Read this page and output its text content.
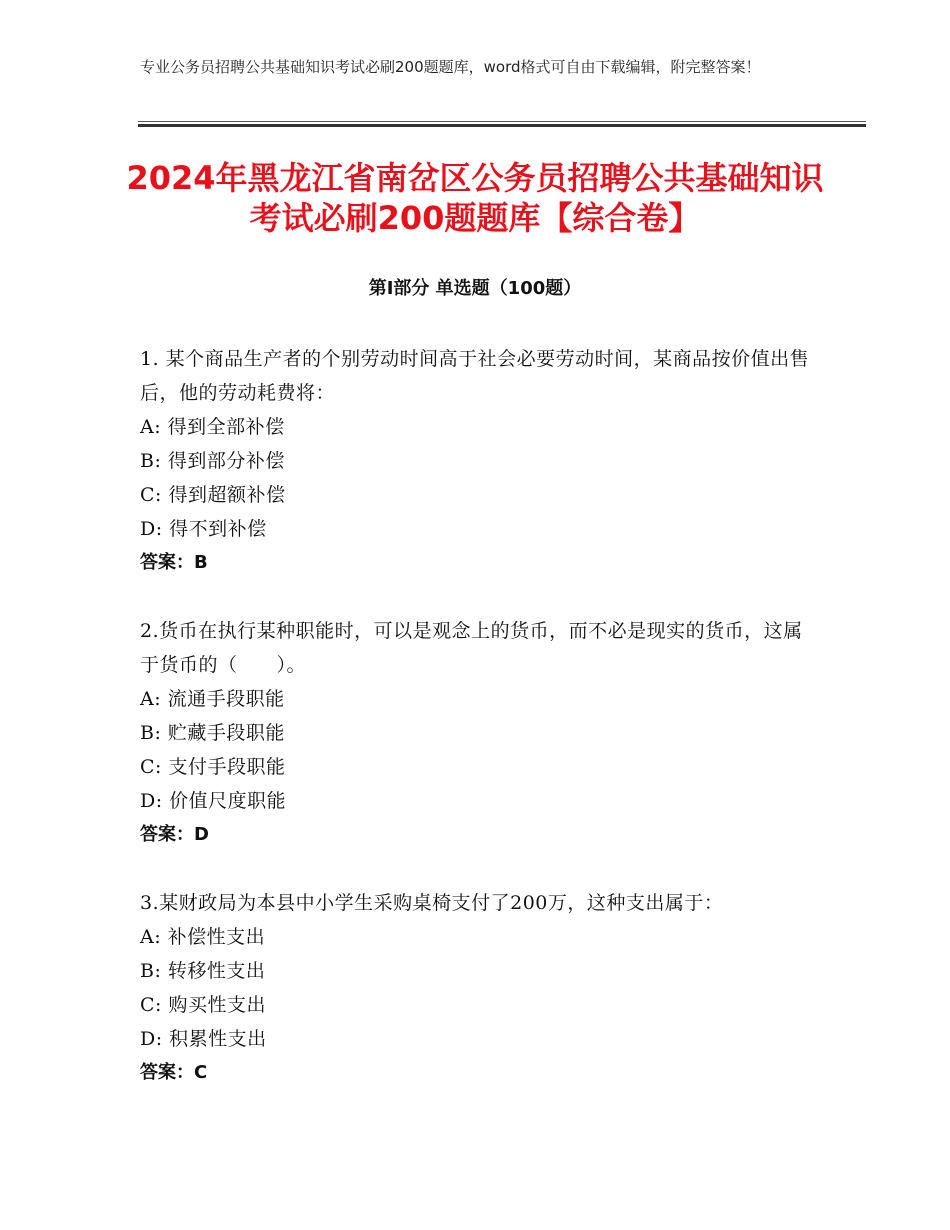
专业公务员招聘公共基础知识考试必刷200题题库，word格式可自由下载编辑，附完整答案！
2024年黑龙江省南岔区公务员招聘公共基础知识考试必刷200题题库【综合卷】
第I部分 单选题（100题）
1. 某个商品生产者的个别劳动时间高于社会必要劳动时间，某商品按价值出售后，他的劳动耗费将：
A: 得到全部补偿
B: 得到部分补偿
C: 得到超额补偿
D: 得不到补偿
答案：B
2.货币在执行某种职能时，可以是观念上的货币，而不必是现实的货币，这属于货币的（　　）。
A: 流通手段职能
B: 贮藏手段职能
C: 支付手段职能
D: 价值尺度职能
答案：D
3.某财政局为本县中小学生采购桌椅支付了200万，这种支出属于：
A: 补偿性支出
B: 转移性支出
C: 购买性支出
D: 积累性支出
答案：C
